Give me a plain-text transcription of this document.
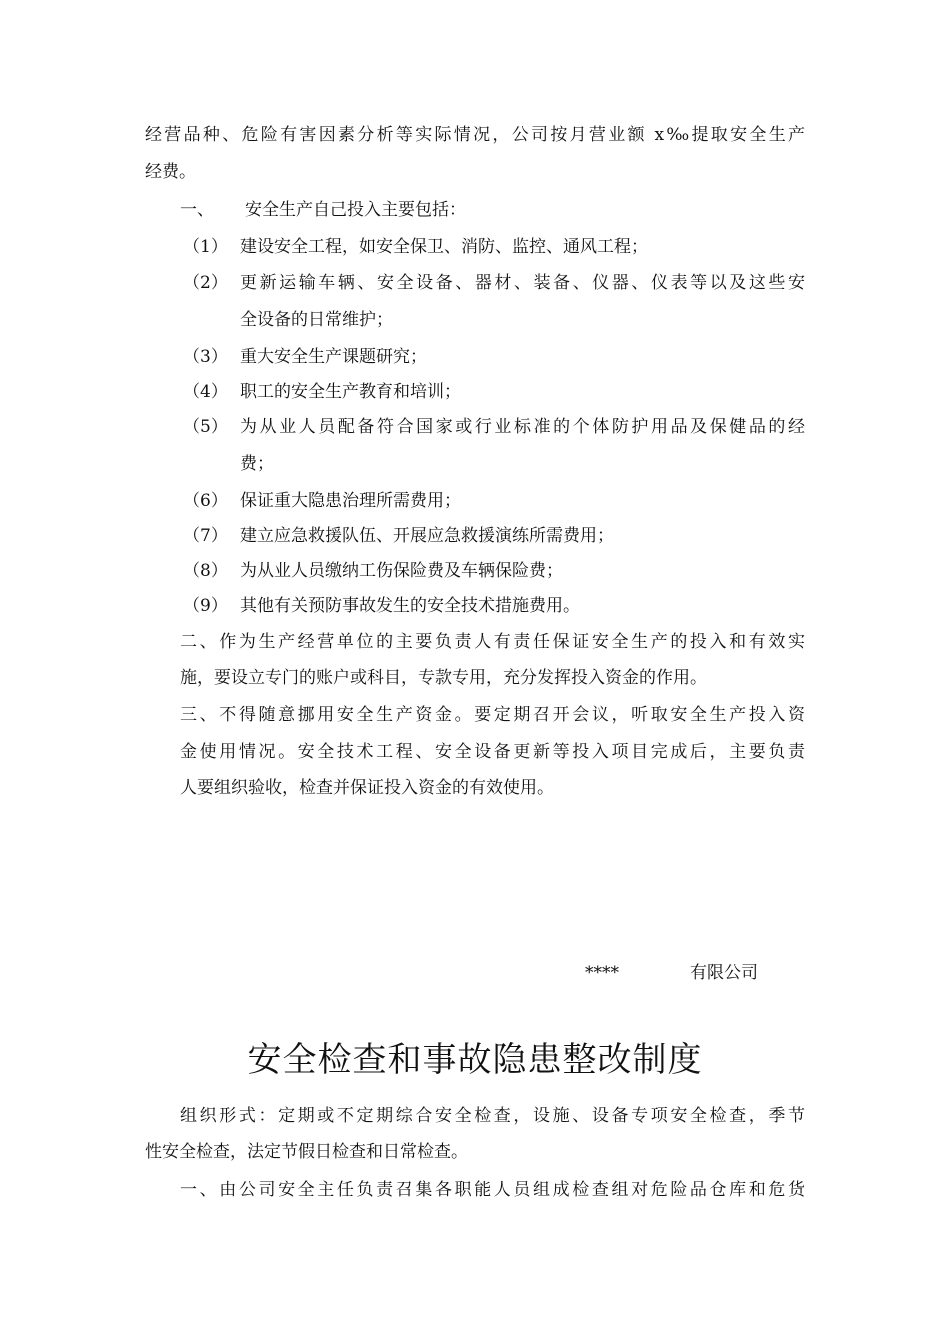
经营品种、危险有害因素分析等实际情况，公司按月营业额 x‰提取安全生产
经费。
一、 安全生产自己投入主要包括：
（1） 建设安全工程，如安全保卫、消防、监控、通风工程；
（2） 更新运输车辆、安全设备、器材、装备、仪器、仪表等以及这些安
全设备的日常维护；
（3） 重大安全生产课题研究；
（4） 职工的安全生产教育和培训；
（5） 为从业人员配备符合国家或行业标准的个体防护用品及保健品的经
费；
（6） 保证重大隐患治理所需费用；
（7） 建立应急救援队伍、开展应急救援演练所需费用；
（8） 为从业人员缴纳工伤保险费及车辆保险费；
（9） 其他有关预防事故发生的安全技术措施费用。
二、作为生产经营单位的主要负责人有责任保证安全生产的投入和有效实
施，要设立专门的账户或科目，专款专用，充分发挥投入资金的作用。
三、不得随意挪用安全生产资金。要定期召开会议，听取安全生产投入资
金使用情况。安全技术工程、安全设备更新等投入项目完成后，主要负责
人要组织验收，检查并保证投入资金的有效使用。
****	有限公司
安全检查和事故隐患整改制度
组织形式：定期或不定期综合安全检查，设施、设备专项安全检查，季节
性安全检查，法定节假日检查和日常检查。
一、由公司安全主任负责召集各职能人员组成检查组对危险品仓库和危货
